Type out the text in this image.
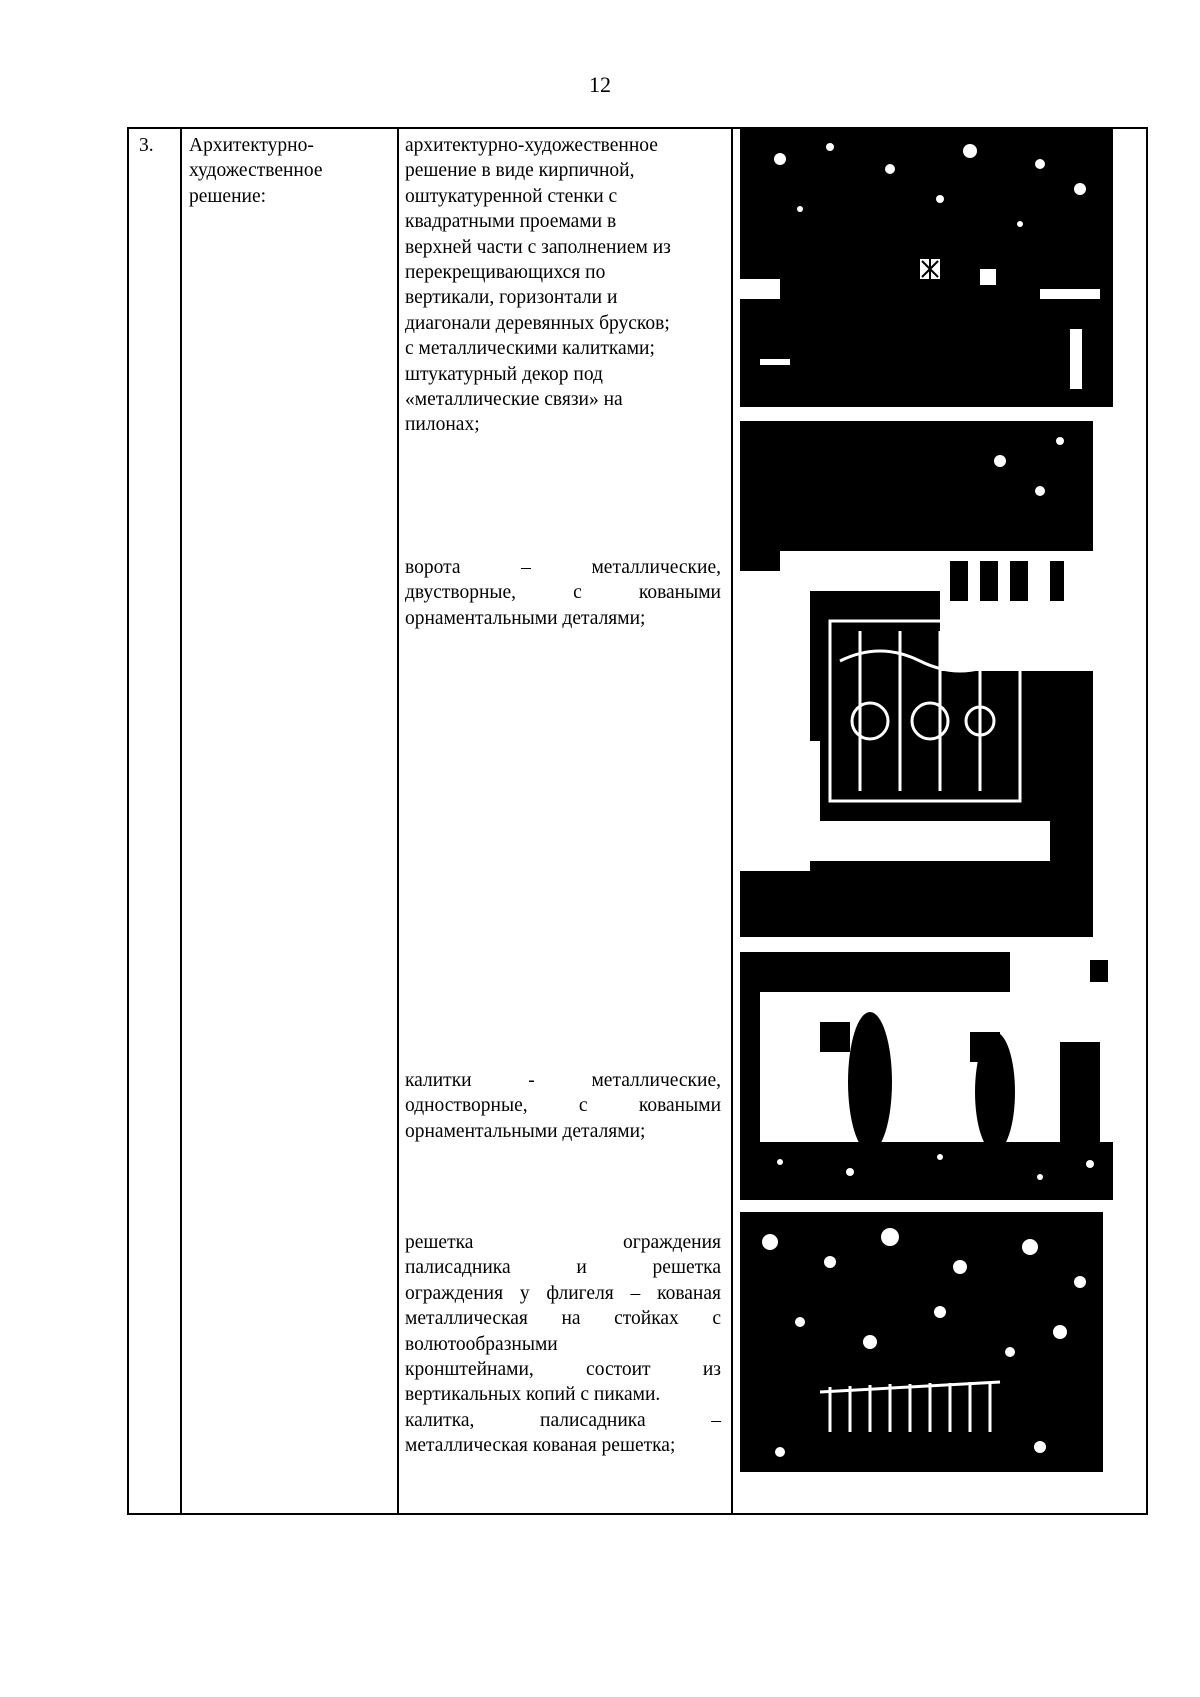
12
3. Архитектурно-художественное решение:
архитектурно-художественное
решение в виде кирпичной,
оштукатуренной стенки с
квадратными проемами в
верхней части с заполнением из
перекрещивающихся по
вертикали, горизонтали и
диагонали деревянных брусков;
с металлическими калитками;
штукатурный декор под
«металлические связи» на
пилонах;
ворота – металлические,
двустворные, с коваными
орнаментальными деталями;
калитки - металлические,
одностворные, с коваными
орнаментальными деталями;
решетка ограждения
палисадника и решетка
ограждения у флигеля – кованая
металлическая на стойках с
волютообразными
кронштейнами, состоит из
вертикальных копий с пиками.
калитка, палисадника –
металлическая кованая решетка;
